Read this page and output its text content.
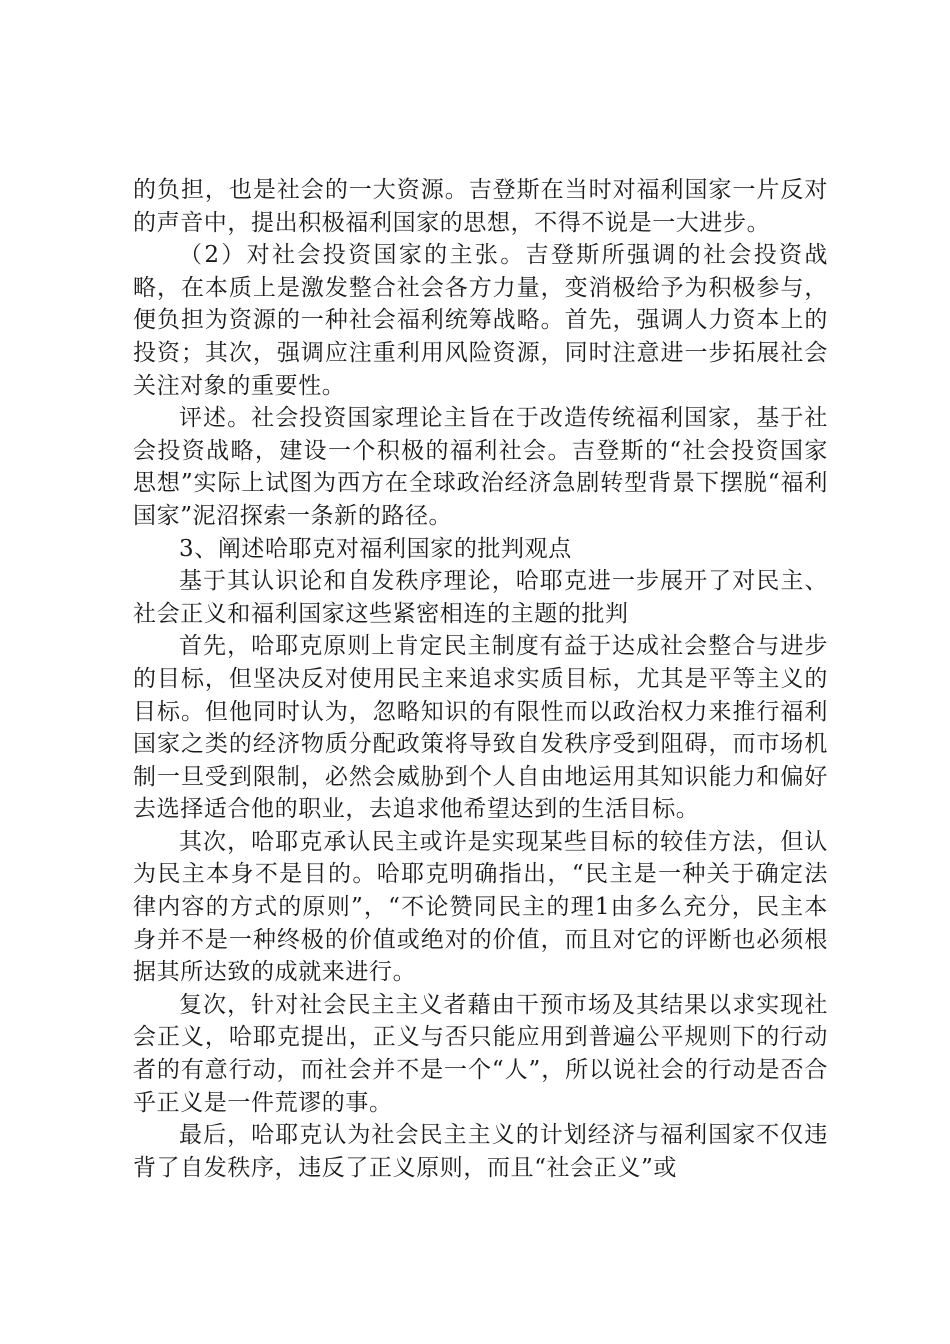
的负担，也是社会的一大资源。吉登斯在当时对福利国家一片反对的声音中，提出积极福利国家的思想，不得不说是一大进步。

（2）对社会投资国家的主张。吉登斯所强调的社会投资战略，在本质上是激发整合社会各方力量，变消极给予为积极参与，便负担为资源的一种社会福利统筹战略。首先，强调人力资本上的投资；其次，强调应注重利用风险资源，同时注意进一步拓展社会关注对象的重要性。

评述。社会投资国家理论主旨在于改造传统福利国家，基于社会投资战略，建设一个积极的福利社会。吉登斯的“社会投资国家思想”实际上试图为西方在全球政治经济急剧转型背景下摆脱“福利国家”泥沼探索一条新的路径。

3、阐述哈耶克对福利国家的批判观点

基于其认识论和自发秩序理论，哈耶克进一步展开了对民主、社会正义和福利国家这些紧密相连的主题的批判

首先，哈耶克原则上肯定民主制度有益于达成社会整合与进步的目标，但坚决反对使用民主来追求实质目标，尤其是平等主义的目标。但他同时认为，忽略知识的有限性而以政治权力来推行福利国家之类的经济物质分配政策将导致自发秩序受到阻碍，而市场机制一旦受到限制，必然会威胁到个人自由地运用其知识能力和偏好去选择适合他的职业，去追求他希望达到的生活目标。

其次，哈耶克承认民主或许是实现某些目标的较佳方法，但认为民主本身不是目的。哈耶克明确指出，“民主是一种关于确定法律内容的方式的原则”，“不论赞同民主的理1由多么充分，民主本身并不是一种终极的价值或绝对的价值，而且对它的评断也必须根据其所达致的成就来进行。

复次，针对社会民主主义者藉由干预市场及其结果以求实现社会正义，哈耶克提出，正义与否只能应用到普遍公平规则下的行动者的有意行动，而社会并不是一个“人”，所以说社会的行动是否合乎正义是一件荒谬的事。

最后，哈耶克认为社会民主主义的计划经济与福利国家不仅违背了自发秩序，违反了正义原则，而且“社会正义”或
